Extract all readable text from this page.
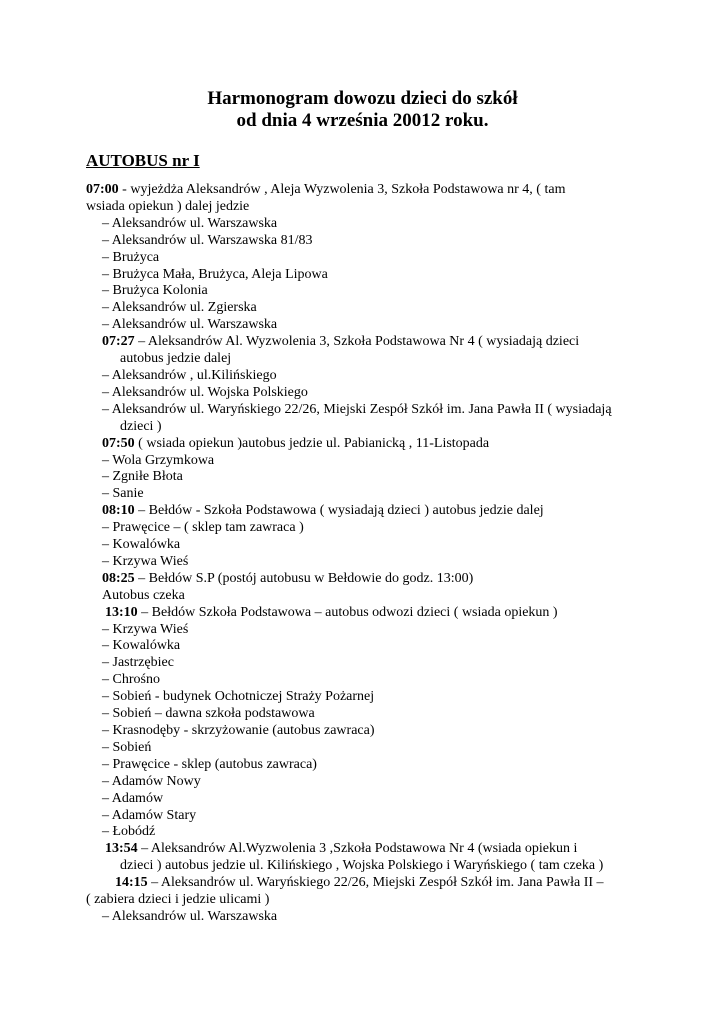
Harmonogram dowozu dzieci do szkół
od dnia 4 września 20012 roku.
AUTOBUS nr I
07:00 - wyjeżdża Aleksandrów , Aleja Wyzwolenia 3, Szkoła Podstawowa nr 4, ( tam
wsiada opiekun ) dalej jedzie
– Aleksandrów ul. Warszawska
– Aleksandrów ul. Warszawska 81/83
– Brużyca
– Brużyca Mała, Brużyca, Aleja Lipowa
– Brużyca Kolonia
– Aleksandrów ul. Zgierska
– Aleksandrów ul. Warszawska
07:27 – Aleksandrów Al. Wyzwolenia 3, Szkoła Podstawowa Nr 4 ( wysiadają dzieci
autobus jedzie dalej
– Aleksandrów , ul.Kilińskiego
– Aleksandrów ul. Wojska Polskiego
– Aleksandrów ul. Waryńskiego 22/26, Miejski Zespół Szkół im. Jana Pawła II ( wysiadają
dzieci )
07:50 ( wsiada opiekun )autobus jedzie ul. Pabianicką , 11-Listopada
– Wola Grzymkowa
– Zgniłe Błota
– Sanie
08:10 – Bełdów - Szkoła Podstawowa ( wysiadają dzieci ) autobus jedzie dalej
– Prawęcice – ( sklep tam zawraca )
– Kowalówka
– Krzywa Wieś
08:25 – Bełdów S.P (postój autobusu w Bełdowie do godz. 13:00)
Autobus czeka
13:10 – Bełdów Szkoła Podstawowa – autobus odwozi dzieci ( wsiada opiekun )
– Krzywa Wieś
– Kowalówka
– Jastrzębiec
– Chrośno
– Sobień - budynek Ochotniczej Straży Pożarnej
– Sobień – dawna szkoła podstawowa
– Krasnodęby - skrzyżowanie (autobus zawraca)
– Sobień
– Prawęcice - sklep (autobus zawraca)
– Adamów Nowy
– Adamów
– Adamów Stary
– Łobódź
13:54 – Aleksandrów Al.Wyzwolenia 3 ,Szkoła Podstawowa Nr 4 (wsiada opiekun i
dzieci ) autobus jedzie ul. Kilińskiego , Wojska Polskiego i Waryńskiego ( tam czeka )
14:15 – Aleksandrów ul. Waryńskiego 22/26, Miejski Zespół Szkół im. Jana Pawła II –
( zabiera dzieci i jedzie ulicami )
– Aleksandrów ul. Warszawska
